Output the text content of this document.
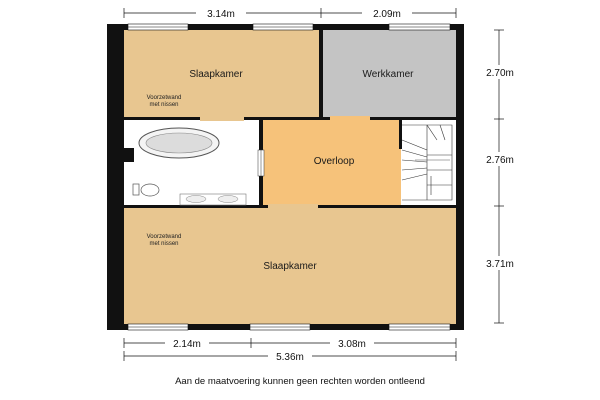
Slaapkamer	Werkkamer
Overloop
Slaapkamer
Voorzetwand
met nissen
Voorzetwand
met nissen
3.14m	2.09m
2.70m
2.76m
3.71m
2.14m	3.08m
5.36m
Aan de maatvoering kunnen geen rechten worden ontleend
